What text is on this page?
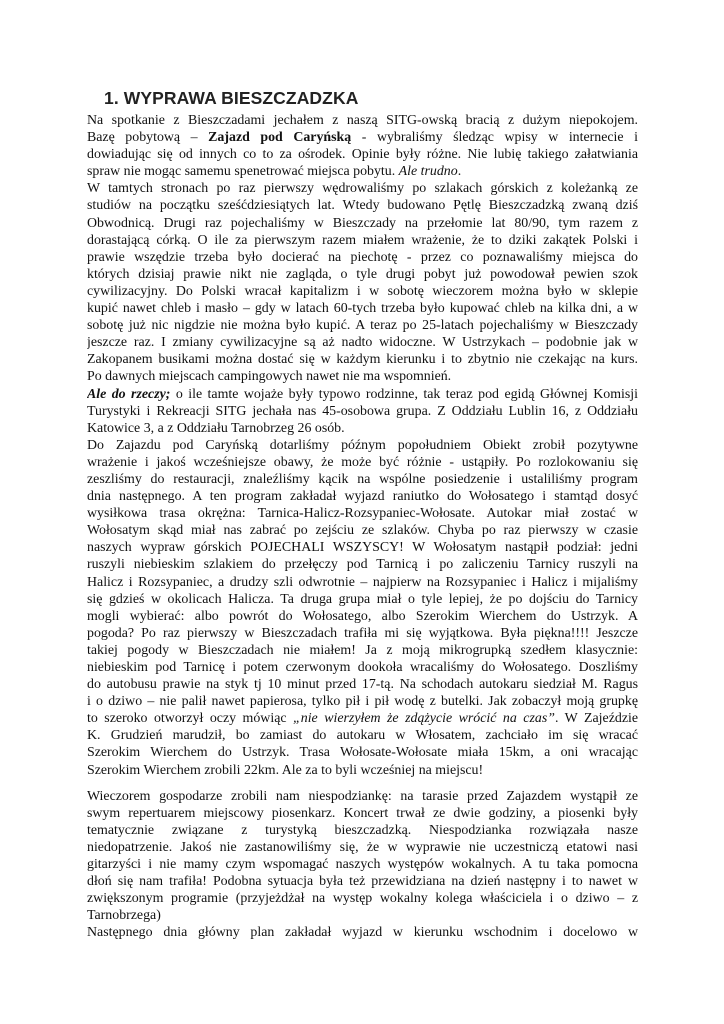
1. WYPRAWA BIESZCZADZKA
Na spotkanie z Bieszczadami jechałem z naszą SITG-owską bracią z dużym niepokojem.
Bazę pobytową – Zajazd pod Caryńską - wybraliśmy śledząc wpisy w internecie i
dowiadując się od innych co to za ośrodek. Opinie były różne. Nie lubię takiego załatwiania
spraw nie mogąc samemu spenetrować miejsca pobytu. Ale trudno.
W tamtych stronach po raz pierwszy wędrowaliśmy po szlakach górskich z koleżanką ze
studiów na początku sześćdziesiątych lat. Wtedy budowano Pętlę Bieszczadzką zwaną dziś
Obwodnicą. Drugi raz pojechaliśmy w Bieszczady na przełomie lat 80/90, tym razem z
dorastającą córką. O ile za pierwszym razem miałem wrażenie, że to dziki zakątek Polski i
prawie wszędzie trzeba było docierać na piechotę - przez co poznawaliśmy miejsca do
których dzisiaj prawie nikt nie zagląda, o tyle drugi pobyt już powodował pewien szok
cywilizacyjny. Do Polski wracał kapitalizm i w sobotę wieczorem można było w sklepie
kupić nawet chleb i masło – gdy w latach 60-tych trzeba było kupować chleb na kilka dni, a w
sobotę już nic nigdzie nie można było kupić. A teraz po 25-latach pojechaliśmy w Bieszczady
jeszcze raz. I zmiany cywilizacyjne są aż nadto widoczne. W Ustrzykach – podobnie jak w
Zakopanem busikami można dostać się w każdym kierunku i to zbytnio nie czekając na kurs.
Po dawnych miejscach campingowych nawet nie ma wspomnień.
Ale do rzeczy; o ile tamte wojaże były typowo rodzinne, tak teraz pod egidą Głównej Komisji
Turystyki i Rekreacji SITG jechała nas 45-osobowa grupa. Z Oddziału Lublin 16, z Oddziału
Katowice 3, a z Oddziału Tarnobrzeg 26 osób.
Do Zajazdu pod Caryńską dotarliśmy późnym popołudniem Obiekt zrobił pozytywne
wrażenie i jakoś wcześniejsze obawy, że może być różnie - ustąpiły. Po rozlokowaniu się
zeszliśmy do restauracji, znaleźliśmy kącik na wspólne posiedzenie i ustaliliśmy program
dnia następnego. A ten program zakładał wyjazd raniutko do Wołosatego i stamtąd dosyć
wysiłkowa trasa okrężna: Tarnica-Halicz-Rozsypaniec-Wołosate. Autokar miał zostać w
Wołosatym skąd miał nas zabrać po zejściu ze szlaków. Chyba po raz pierwszy w czasie
naszych wypraw górskich POJECHALI WSZYSCY! W Wołosatym nastąpił podział: jedni
ruszyli niebieskim szlakiem do przełęczy pod Tarnicą i po zaliczeniu Tarnicy ruszyli na
Halicz i Rozsypaniec, a drudzy szli odwrotnie – najpierw na Rozsypaniec i Halicz i mijaliśmy
się gdzieś w okolicach Halicza. Ta druga grupa miał o tyle lepiej, że po dojściu do Tarnicy
mogli wybierać: albo powrót do Wołosatego, albo Szerokim Wierchem do Ustrzyk. A
pogoda? Po raz pierwszy w Bieszczadach trafiła mi się wyjątkowa. Była piękna!!!! Jeszcze
takiej pogody w Bieszczadach nie miałem! Ja z moją mikrogrupką szedłem klasycznie:
niebieskim pod Tarnicę i potem czerwonym dookoła wracaliśmy do Wołosatego. Doszliśmy
do autobusu prawie na styk tj 10 minut przed 17-tą. Na schodach autokaru siedział M. Ragus
i o dziwo – nie palił nawet papierosa, tylko pił i pił wodę z butelki. Jak zobaczył moją grupkę
to szeroko otworzył oczy mówiąc „nie wierzyłem że zdążycie wrócić na czas”. W Zajeździe
K. Grudzień marudził, bo zamiast do autokaru w Włosatem, zachciało im się wracać
Szerokim Wierchem do Ustrzyk. Trasa Wołosate-Wołosate miała 15km, a oni wracając
Szerokim Wierchem zrobili 22km. Ale za to byli wcześniej na miejscu!
Wieczorem gospodarze zrobili nam niespodziankę: na tarasie przed Zajazdem wystąpił ze
swym repertuarem miejscowy piosenkarz. Koncert trwał ze dwie godziny, a piosenki były
tematycznie związane z turystyką bieszczadzką. Niespodzianka rozwiązała nasze
niedopatrzenie. Jakoś nie zastanowiliśmy się, że w wyprawie nie uczestniczą etatowi nasi
gitarzyści i nie mamy czym wspomagać naszych występów wokalnych. A tu taka pomocna
dłoń się nam trafiła! Podobna sytuacja była też przewidziana na dzień następny i to nawet w
zwiększonym programie (przyjeżdżał na występ wokalny kolega właściciela i o dziwo – z
Tarnobrzega)
Następnego dnia główny plan zakładał wyjazd w kierunku wschodnim i docelowo w
